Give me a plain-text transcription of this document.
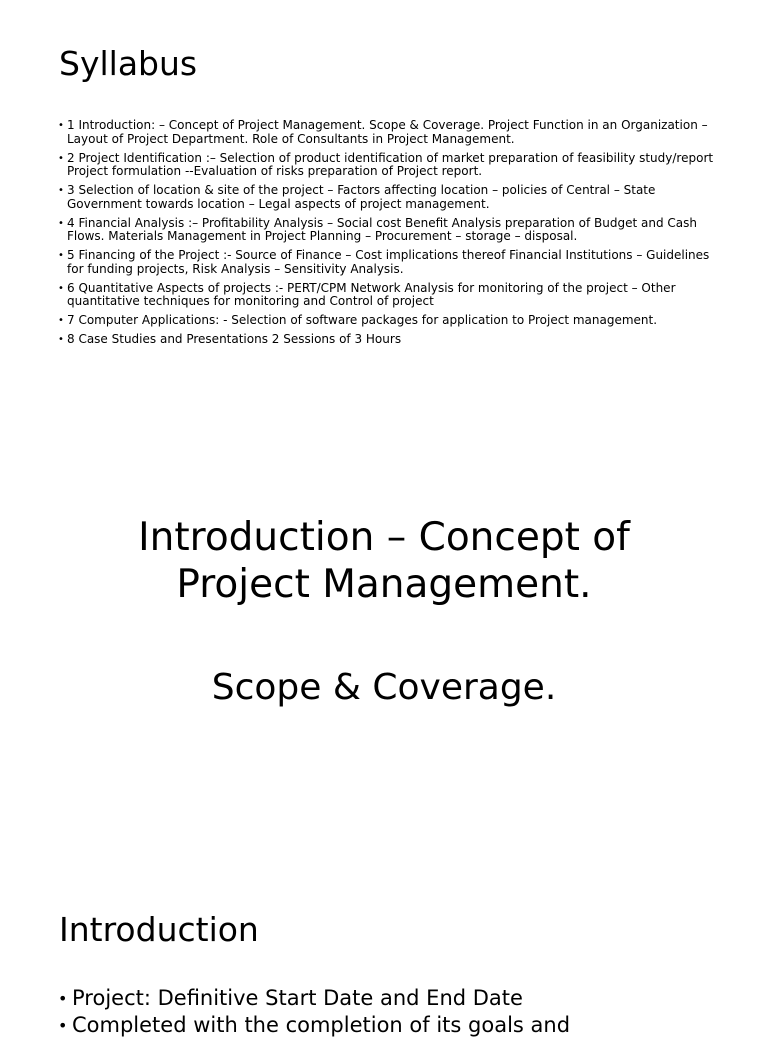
Syllabus
• 1 Introduction: – Concept of Project Management. Scope & Coverage. Project Function in an Organization – Layout of Project Department. Role of Consultants in Project Management.
• 2 Project Identification :– Selection of product identification of market preparation of feasibility study/report Project formulation --Evaluation of risks preparation of Project report.
• 3 Selection of location & site of the project – Factors affecting location – policies of Central – State Government towards location – Legal aspects of project management.
• 4 Financial Analysis :– Profitability Analysis – Social cost Benefit Analysis preparation of Budget and Cash Flows. Materials Management in Project Planning – Procurement – storage – disposal.
• 5 Financing of the Project :- Source of Finance – Cost implications thereof Financial Institutions – Guidelines for funding projects, Risk Analysis – Sensitivity Analysis.
• 6 Quantitative Aspects of projects :- PERT/CPM Network Analysis for monitoring of the project – Other quantitative techniques for monitoring and Control of project
• 7 Computer Applications: - Selection of software packages for application to Project management.
• 8 Case Studies and Presentations 2 Sessions of 3 Hours
Introduction – Concept of
Project Management.
Scope & Coverage.
Introduction
• Project: Definitive Start Date and End Date
• Completed with the completion of its goals and
